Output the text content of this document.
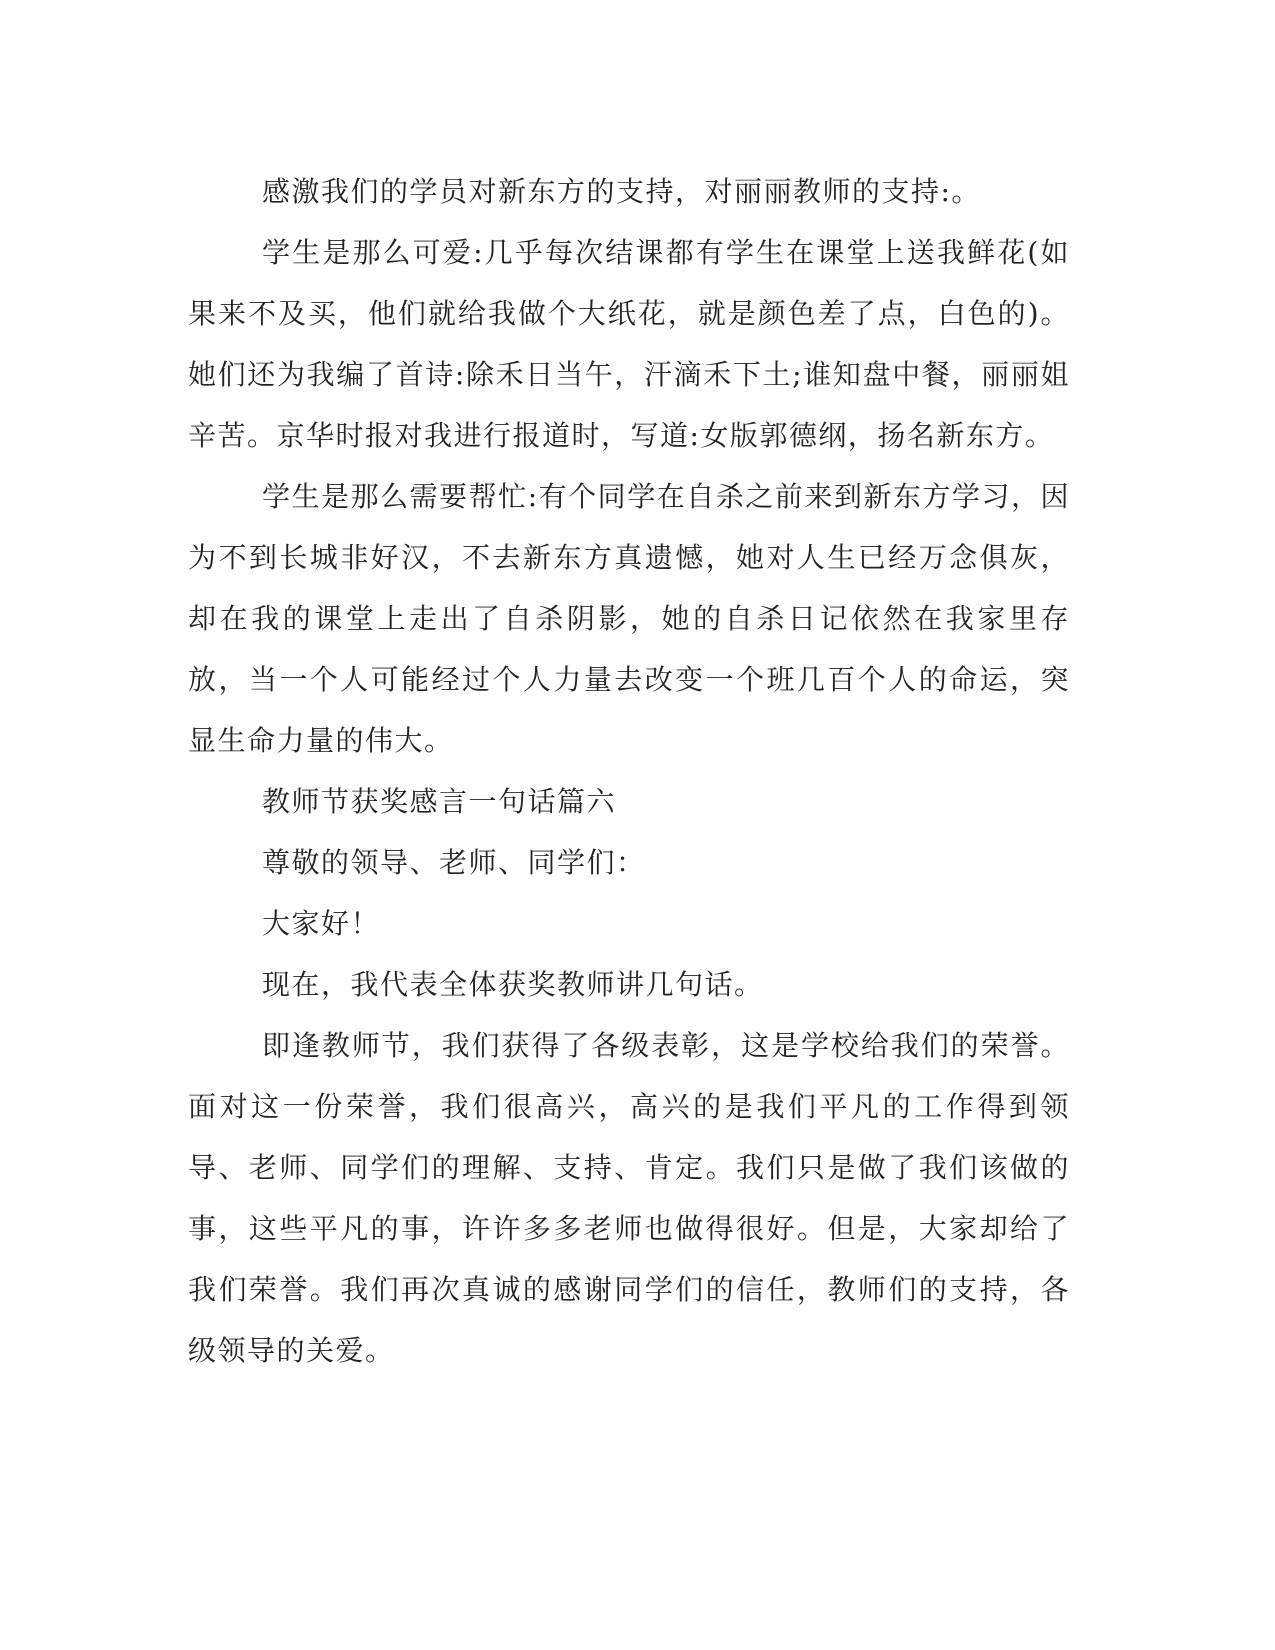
感激我们的学员对新东方的支持，对丽丽教师的支持:。

学生是那么可爱:几乎每次结课都有学生在课堂上送我鲜花(如果来不及买，他们就给我做个大纸花，就是颜色差了点，白色的)。她们还为我编了首诗:除禾日当午，汗滴禾下土;谁知盘中餐，丽丽姐辛苦。京华时报对我进行报道时，写道:女版郭德纲，扬名新东方。

学生是那么需要帮忙:有个同学在自杀之前来到新东方学习，因为不到长城非好汉，不去新东方真遗憾，她对人生已经万念俱灰，却在我的课堂上走出了自杀阴影，她的自杀日记依然在我家里存放，当一个人可能经过个人力量去改变一个班几百个人的命运，突显生命力量的伟大。

教师节获奖感言一句话篇六

尊敬的领导、老师、同学们：

大家好！

现在，我代表全体获奖教师讲几句话。

即逢教师节，我们获得了各级表彰，这是学校给我们的荣誉。面对这一份荣誉，我们很高兴，高兴的是我们平凡的工作得到领导、老师、同学们的理解、支持、肯定。我们只是做了我们该做的事，这些平凡的事，许许多多老师也做得很好。但是，大家却给了我们荣誉。我们再次真诚的感谢同学们的信任，教师们的支持，各级领导的关爱。
